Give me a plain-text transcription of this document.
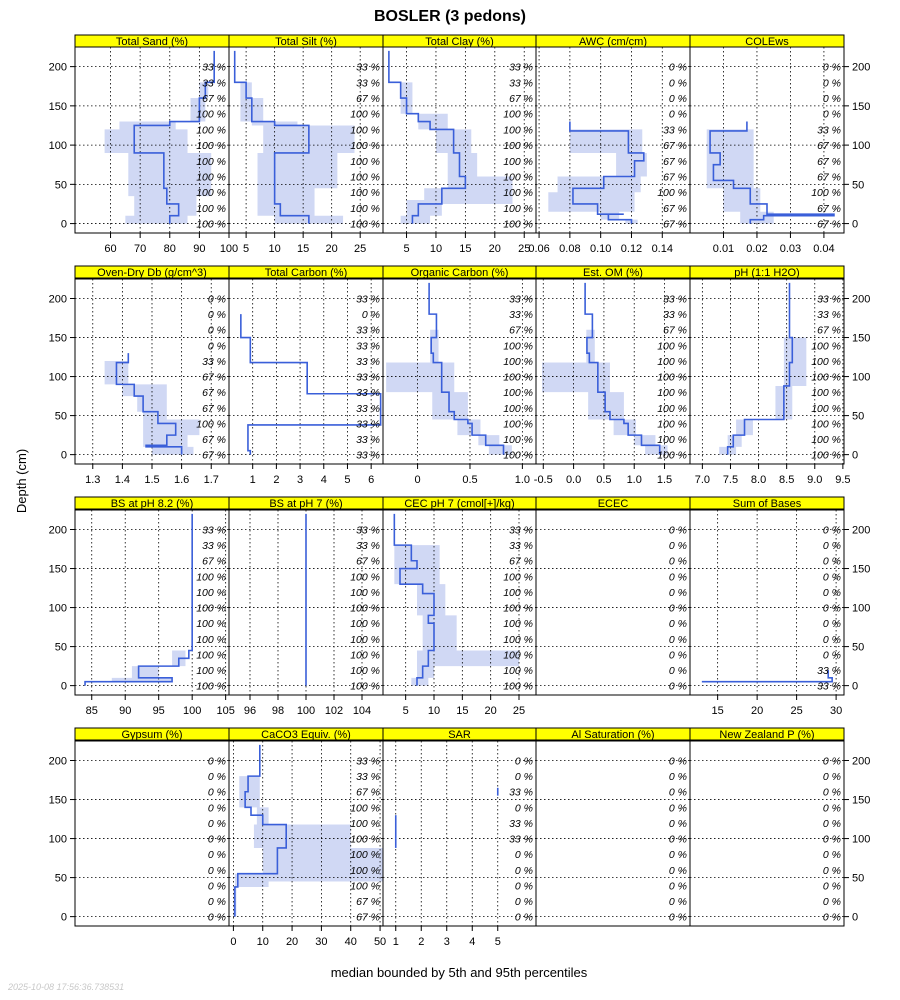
BOSLER (3 pedons)
100 %
100 %
100 %
100 %
100 %
100 %
100 %
100 %
67 %
33 %
33 %
Total Sand (%)
60 70 80 90 100
0
50
100
150
200
100 %
100 %
100 %
100 %
100 %
100 %
100 %
100 %
67 %
33 %
33 %
Total Silt (%)
5 10 15 20 25
100 %
100 %
100 %
100 %
100 %
100 %
100 %
100 %
67 %
33 %
33 %
Total Clay (%)
5 10 15 20 25
67 %
67 %
100 %
67 %
67 %
67 %
33 %
0 %
0 %
0 %
0 %
AWC (cm/cm)
0.06 0.08 0.10 0.12 0.14
67 %
67 %
100 %
67 %
67 %
67 %
33 %
0 %
0 %
0 %
0 %
COLEws
0.01 0.02 0.03 0.04
0
50
100
150
200
67 %
67 %
100 %
67 %
67 %
67 %
33 %
0 %
0 %
0 %
0 %
Oven-Dry Db (g/cm^3)
1.3 1.4 1.5 1.6 1.7
0
50
100
150
200
33 %
33 %
33 %
33 %
33 %
33 %
33 %
33 %
33 %
0 %
33 %
Total Carbon (%)
1 2 3 4 5 6
100 %
100 %
100 %
100 %
100 %
100 %
100 %
100 %
67 %
33 %
33 %
Organic Carbon (%)
0	0.5	1.0
100 %
100 %
100 %
100 %
100 %
100 %
100 %
100 %
67 %
33 %
33 %
Est. OM (%)
-0.5 0.0 0.5 1.0 1.5
100 %
100 %
100 %
100 %
100 %
100 %
100 %
100 %
67 %
33 %
33 %
pH (1:1 H2O)
7.0 7.5 8.0 8.5 9.0 9.5
0
50
100
150
200
100 %
100 %
100 %
100 %
100 %
100 %
100 %
100 %
67 %
33 %
33 %
BS at pH 8.2 (%)
85 90 95 100 105
0
50
100
150
200
100 %
100 %
100 %
100 %
100 %
100 %
100 %
100 %
67 %
33 %
33 %
BS at pH 7 (%)
96 98 100 102 104
100 %
100 %
100 %
100 %
100 %
100 %
100 %
100 %
67 %
33 %
33 %
CEC pH 7 (cmol[+]/kg)
5 10 15 20 25
0 %
0 %
0 %
0 %
0 %
0 %
0 %
0 %
0 %
0 %
0 %
ECEC
33 %
33 %
0 %
0 %
0 %
0 %
0 %
0 %
0 %
0 %
0 %
Sum of Bases
15 20 25 30
0
50
100
150
200
0 %
0 %
0 %
0 %
0 %
0 %
0 %
0 %
0 %
0 %
0 %
Gypsum (%)
0
50
100
150
200
67 %
67 %
100 %
100 %
100 %
100 %
100 %
100 %
67 %
33 %
33 %
CaCO3 Equiv. (%)
0 10 20 30 40 50
0 %
0 %
0 %
0 %
0 %
33 %
33 %
0 %
33 %
0 %
0 %
SAR
1 2 3 4 5
0 %
0 %
0 %
0 %
0 %
0 %
0 %
0 %
0 %
0 %
0 %
Al Saturation (%)
0 %
0 %
0 %
0 %
0 %
0 %
0 %
0 %
0 %
0 %
0 %
New Zealand P (%)
0
50
100
150
200
Depth (cm)
median bounded by 5th and 95th percentiles
2025-10-08 17:56:36.738531
